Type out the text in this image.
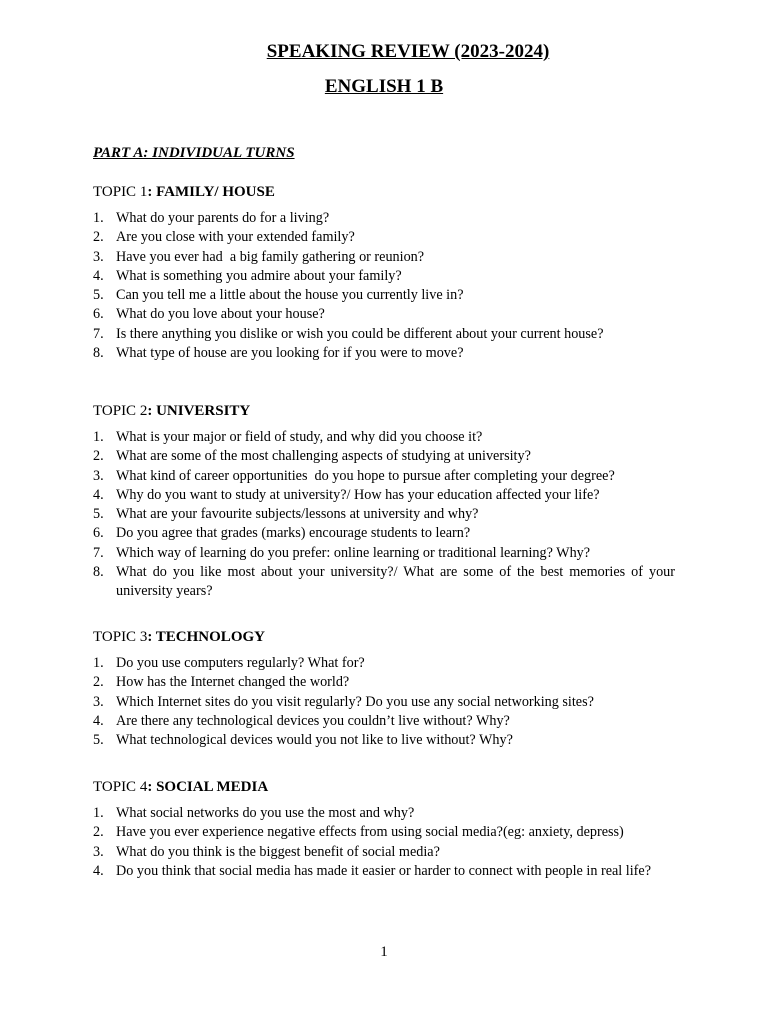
SPEAKING REVIEW (2023-2024)
ENGLISH 1 B
PART A: INDIVIDUAL TURNS
TOPIC 1: FAMILY/ HOUSE
1. What do your parents do for a living?
2. Are you close with your extended family?
3. Have you ever had  a big family gathering or reunion?
4. What is something you admire about your family?
5. Can you tell me a little about the house you currently live in?
6. What do you love about your house?
7. Is there anything you dislike or wish you could be different about your current house?
8. What type of house are you looking for if you were to move?
TOPIC 2: UNIVERSITY
1. What is your major or field of study, and why did you choose it?
2. What are some of the most challenging aspects of studying at university?
3. What kind of career opportunities  do you hope to pursue after completing your degree?
4. Why do you want to study at university?/ How has your education affected your life?
5. What are your favourite subjects/lessons at university and why?
6. Do you agree that grades (marks) encourage students to learn?
7. Which way of learning do you prefer: online learning or traditional learning? Why?
8. What do you like most about your university?/ What are some of the best memories of your university years?
TOPIC 3: TECHNOLOGY
1. Do you use computers regularly? What for?
2. How has the Internet changed the world?
3. Which Internet sites do you visit regularly? Do you use any social networking sites?
4. Are there any technological devices you couldn’t live without? Why?
5. What technological devices would you not like to live without? Why?
TOPIC 4: SOCIAL MEDIA
1. What social networks do you use the most and why?
2. Have you ever experience negative effects from using social media?(eg: anxiety, depress)
3. What do you think is the biggest benefit of social media?
4. Do you think that social media has made it easier or harder to connect with people in real life?
1
